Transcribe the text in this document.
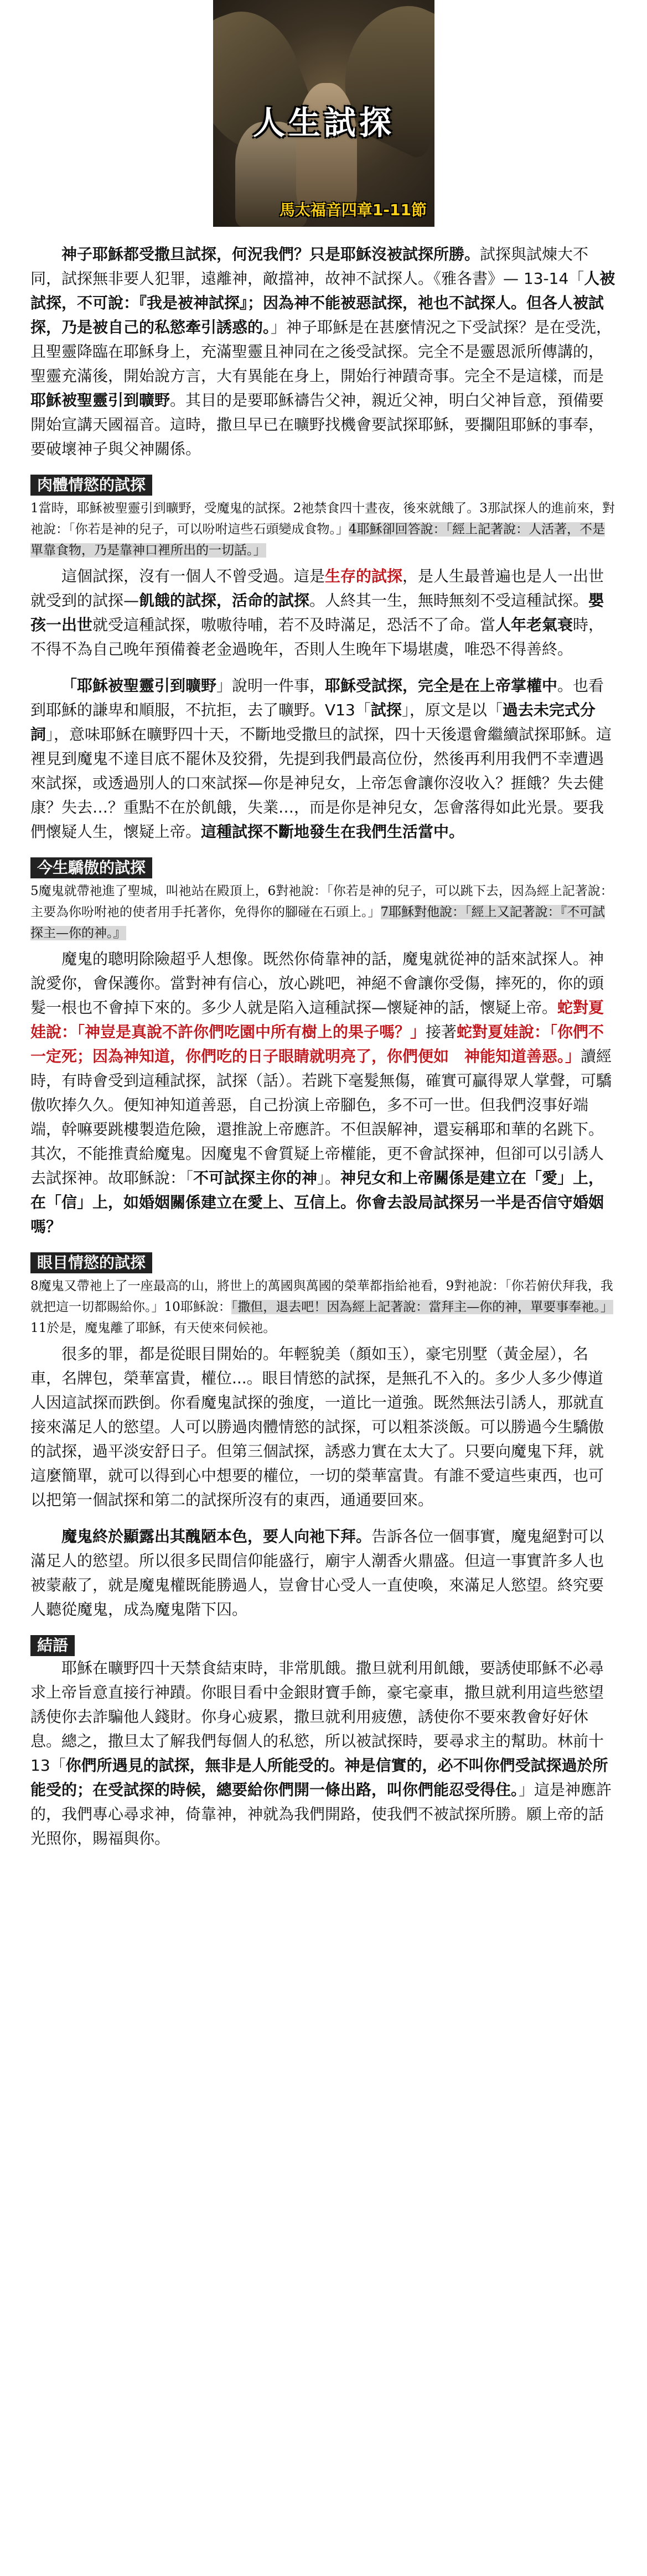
人生試探
馬太福音四章1-11節

神子耶穌都受撒旦試探，何況我們？只是耶穌沒被試探所勝。試探與試煉大不同，試探無非要人犯罪，遠離神，敵擋神，故神不試探人。《雅各書》— 13-14「人被試探，不可說：『我是被神試探』；因為神不能被惡試探，祂也不試探人。但各人被試探，乃是被自己的私慾牽引誘惑的。」神子耶穌是在甚麼情況之下受試探？是在受洗，且聖靈降臨在耶穌身上，充滿聖靈且神同在之後受試探。完全不是靈恩派所傳講的，聖靈充滿後，開始說方言，大有異能在身上，開始行神蹟奇事。完全不是這樣，而是耶穌被聖靈引到曠野。其目的是要耶穌禱告父神，親近父神，明白父神旨意，預備要開始宣講天國福音。這時，撒旦早已在曠野找機會要試探耶穌，要攔阻耶穌的事奉，要破壞神子與父神關係。

肉體情慾的試探

1當時，耶穌被聖靈引到曠野，受魔鬼的試探。2祂禁食四十晝夜，後來就餓了。3那試探人的進前來，對祂說：「你若是神的兒子，可以吩咐這些石頭變成食物。」4耶穌卻回答說：「經上記著說：人活著，不是單靠食物，乃是靠神口裡所出的一切話。」

這個試探，沒有一個人不曾受過。這是生存的試探，是人生最普遍也是人一出世就受到的試探—飢餓的試探，活命的試探。人終其一生，無時無刻不受這種試探。嬰孩一出世就受這種試探，嗷嗷待哺，若不及時滿足，恐活不了命。當人年老氣衰時，不得不為自己晚年預備養老金過晚年，否則人生晚年下場堪虞，唯恐不得善終。

「耶穌被聖靈引到曠野」說明一件事，耶穌受試探，完全是在上帝掌權中。也看到耶穌的謙卑和順服，不抗拒，去了曠野。V13「試探」，原文是以「過去未完式分詞」，意味耶穌在曠野四十天，不斷地受撒旦的試探，四十天後還會繼續試探耶穌。這裡見到魔鬼不達目底不罷休及狡猾，先提到我們最高位份，然後再利用我們不幸遭遇來試探，或透過別人的口來試探—你是神兒女，上帝怎會讓你沒收入？捱餓？失去健康？失去…？重點不在於飢餓，失業…，而是你是神兒女，怎會落得如此光景。要我們懷疑人生，懷疑上帝。這種試探不斷地發生在我們生活當中。

今生驕傲的試探

5魔鬼就帶祂進了聖城，叫祂站在殿頂上，6對祂說：「你若是神的兒子，可以跳下去，因為經上記著說：主要為你吩咐祂的使者用手托著你，免得你的腳碰在石頭上。」7耶穌對他說：「經上又記著說：『不可試探主—你的神。』

魔鬼的聰明除險超乎人想像。既然你倚靠神的話，魔鬼就從神的話來試探人。神說愛你，會保護你。當對神有信心，放心跳吧，神絕不會讓你受傷，摔死的，你的頭髮一根也不會掉下來的。多少人就是陷入這種試探—懷疑神的話，懷疑上帝。蛇對夏娃說：「神豈是真說不許你們吃園中所有樹上的果子嗎？」接著蛇對夏娃說：「你們不一定死；因為神知道，你們吃的日子眼睛就明亮了，你們便如　神能知道善惡。」讀經時，有時會受到這種試探，試探（話）。若跳下毫髮無傷，確實可贏得眾人掌聲，可驕傲吹捧久久。便知神知道善惡，自己扮演上帝腳色，多不可一世。但我們沒事好端端，幹嘛要跳樓製造危險，還推說上帝應許。不但誤解神，還妄稱耶和華的名跳下。其次，不能推責給魔鬼。因魔鬼不會質疑上帝權能，更不會試探神，但卻可以引誘人去試探神。故耶穌說：「不可試探主你的神」。神兒女和上帝關係是建立在「愛」上，在「信」上，如婚姻關係建立在愛上、互信上。你會去設局試探另一半是否信守婚姻嗎？

眼目情慾的試探

8魔鬼又帶祂上了一座最高的山，將世上的萬國與萬國的榮華都指給祂看，9對祂說：「你若俯伏拜我，我就把這一切都賜給你。」10耶穌說：「撒但，退去吧！因為經上記著說：當拜主—你的神，單要事奉祂。」11於是，魔鬼離了耶穌，有天使來伺候祂。

很多的罪，都是從眼目開始的。年輕貌美（顏如玉），豪宅別墅（黃金屋），名車，名牌包，榮華富貴，權位...。眼目情慾的試探，是無孔不入的。多少人多少傳道人因這試探而跌倒。你看魔鬼試探的強度，一道比一道強。既然無法引誘人，那就直接來滿足人的慾望。人可以勝過肉體情慾的試探，可以粗茶淡飯。可以勝過今生驕傲的試探，過平淡安舒日子。但第三個試探，誘惑力實在太大了。只要向魔鬼下拜，就這麼簡單，就可以得到心中想要的權位，一切的榮華富貴。有誰不愛這些東西，也可以把第一個試探和第二的試探所沒有的東西，通通要回來。

魔鬼終於顯露出其醜陋本色，要人向祂下拜。告訴各位一個事實，魔鬼絕對可以滿足人的慾望。所以很多民間信仰能盛行，廟宇人潮香火鼎盛。但這一事實許多人也被蒙蔽了，就是魔鬼權既能勝過人，豈會甘心受人一直使喚，來滿足人慾望。終究要人聽從魔鬼，成為魔鬼階下囚。

結語

耶穌在曠野四十天禁食結束時，非常肌餓。撒旦就利用飢餓，要誘使耶穌不必尋求上帝旨意直接行神蹟。你眼目看中金銀財寶手飾，豪宅豪車，撒旦就利用這些慾望誘使你去詐騙他人錢財。你身心疲累，撒旦就利用疲憊，誘使你不要來教會好好休息。總之，撒旦太了解我們每個人的私慾，所以被試探時，要尋求主的幫助。林前十 13「你們所遇見的試探，無非是人所能受的。神是信實的，必不叫你們受試探過於所能受的；在受試探的時候，總要給你們開一條出路，叫你們能忍受得住。」這是神應許的，我們專心尋求神，倚靠神，神就為我們開路，使我們不被試探所勝。願上帝的話光照你，賜福與你。
